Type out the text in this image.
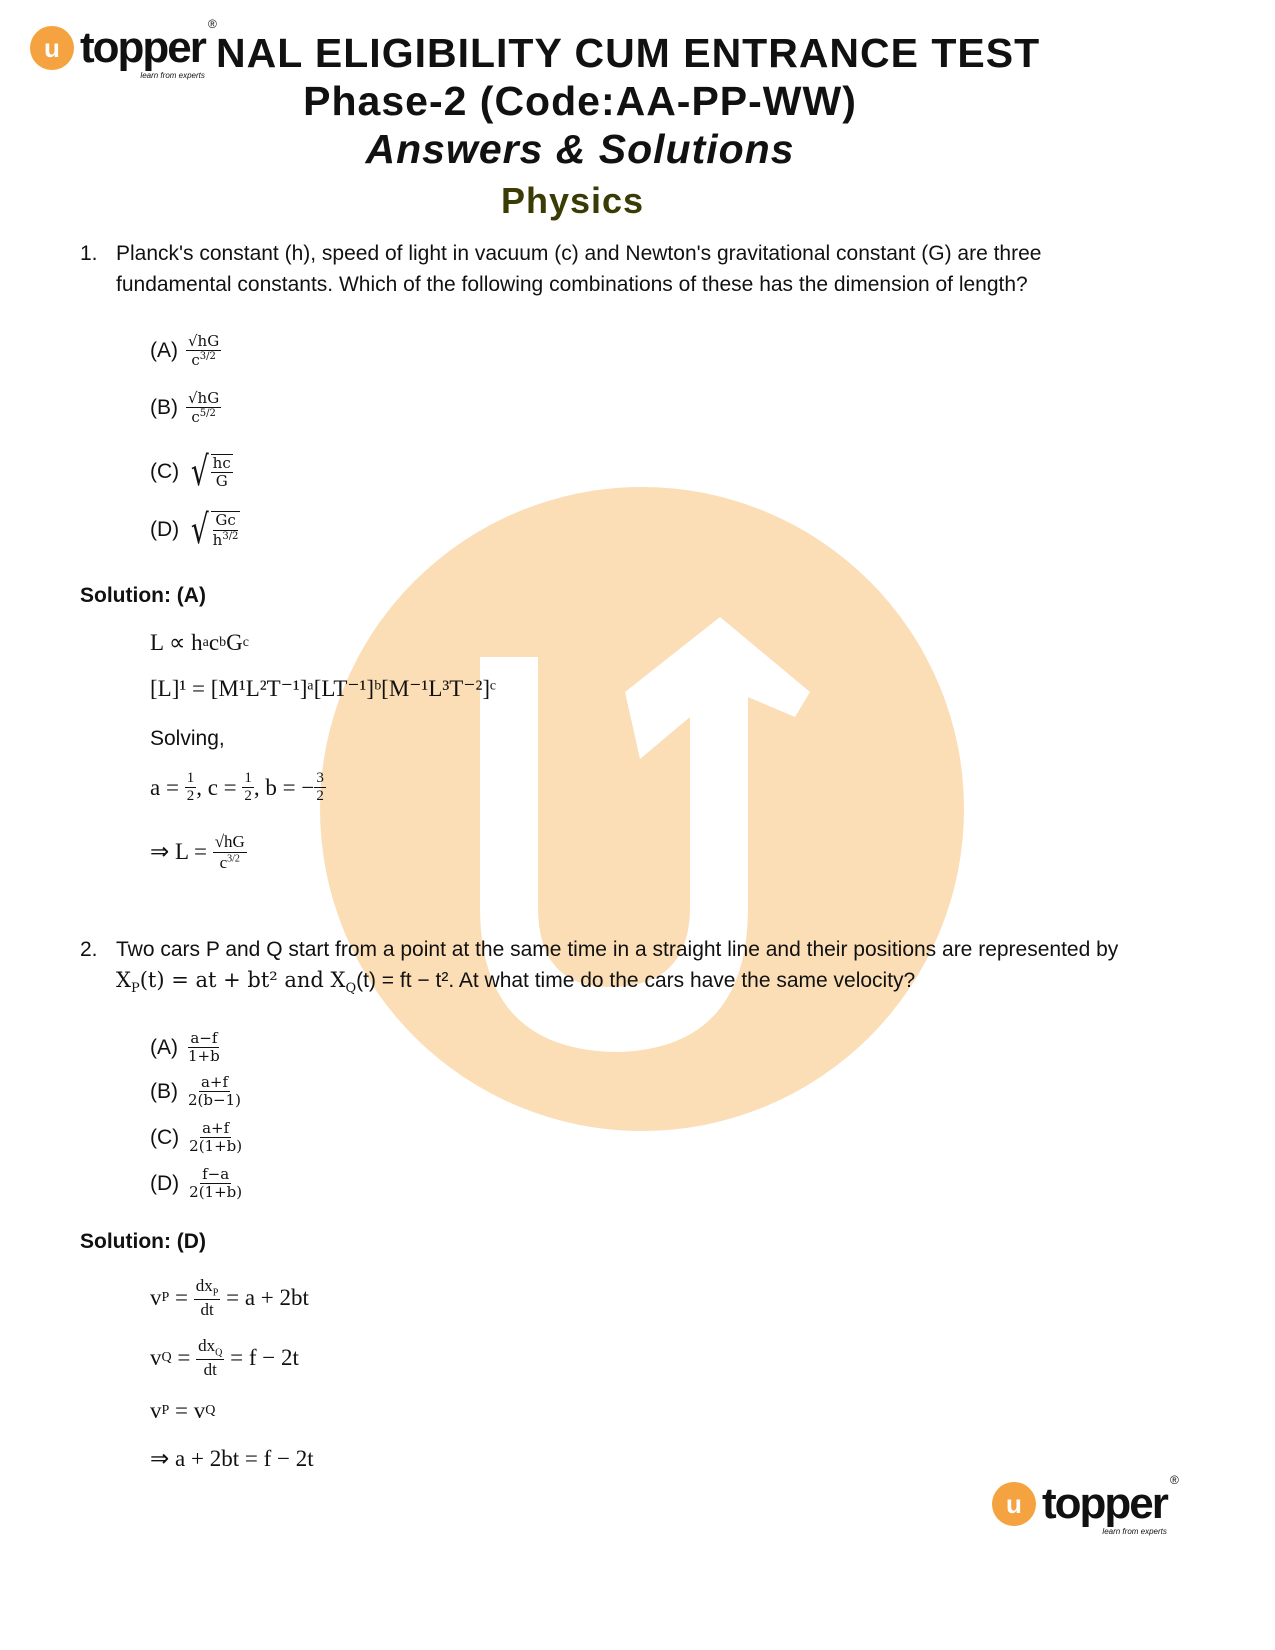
u topper ®
learn from experts NAL ELIGIBILITY CUM ENTRANCE TEST
Phase-2 (Code:AA-PP-WW)
Answers & Solutions
Physics
1. Planck's constant (h), speed of light in vacuum (c) and Newton's gravitational constant (G) are three fundamental constants. Which of the following combinations of these has the dimension of length?
$(A) \frac{√hG}{c^{3/2}}$
$(B) \frac{√hG}{c^{5/2}}$
(C) √ $\frac{hc}{G}$
(D) √ $\frac{Gc}{h^{3/2}}$
Solution: (A)
L ∝ h a c b G c
[L]¹ = [M¹L²T⁻¹]ᵃ[LT⁻¹]ᵇ[M⁻¹L³T⁻²]ᶜ
Solving,
a =
$\frac{1}{2}$ , c =
$\frac{1}{2}$ , b = − $\frac{3}{2}$
⇒ L =
$\frac{√hG}{c^{3/2}}$
2. Two cars P and Q start from a point at the same time in a straight line and their positions are represented by $X_P(t)$ = at + bt² and $X_Q(t)$ = ft − t². At what time do the cars have the same velocity?
$(A) \frac{a-f}{1+b}$
$(B) \frac{a+f}{2(b-1)}$
$(C) \frac{a+f}{2(1+b)}$
$(D) \frac{f-a}{2(1+b)}$
Solution: (D)
v P
=
$\frac{dx_P}{dt}$
= a + 2bt
v Q
=
$\frac{dx_Q}{dt}$
= f − 2t
v P
=
v Q
⇒ a + 2bt = f − 2t
u topper ®
learn from experts
